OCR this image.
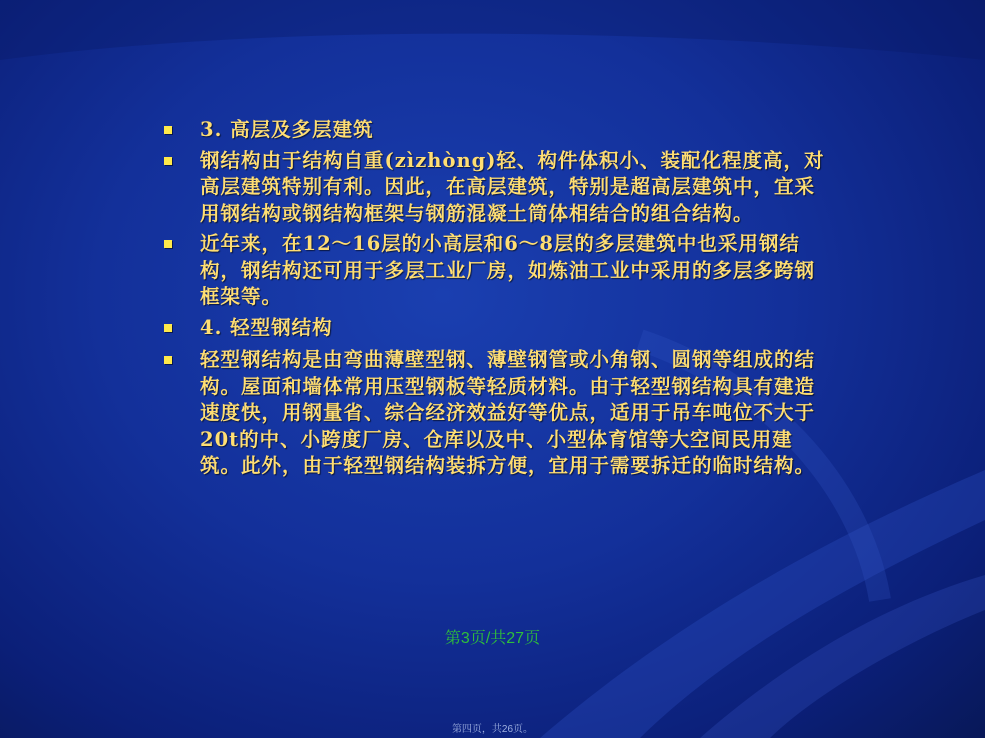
3. 高层及多层建筑
钢结构由于结构自重(zìzhòng)轻、构件体积小、装配化程度高，对高层建筑特别有利。因此，在高层建筑，特别是超高层建筑中，宜采用钢结构或钢结构框架与钢筋混凝土筒体相结合的组合结构。
近年来，在12～16层的小高层和6～8层的多层建筑中也采用钢结构，钢结构还可用于多层工业厂房，如炼油工业中采用的多层多跨钢框架等。
4. 轻型钢结构
轻型钢结构是由弯曲薄壁型钢、薄壁钢管或小角钢、圆钢等组成的结构。屋面和墙体常用压型钢板等轻质材料。由于轻型钢结构具有建造速度快，用钢量省、综合经济效益好等优点，适用于吊车吨位不大于20t的中、小跨度厂房、仓库以及中、小型体育馆等大空间民用建筑。此外，由于轻型钢结构装拆方便，宜用于需要拆迁的临时结构。
第3页/共27页
第四页，共26页。
